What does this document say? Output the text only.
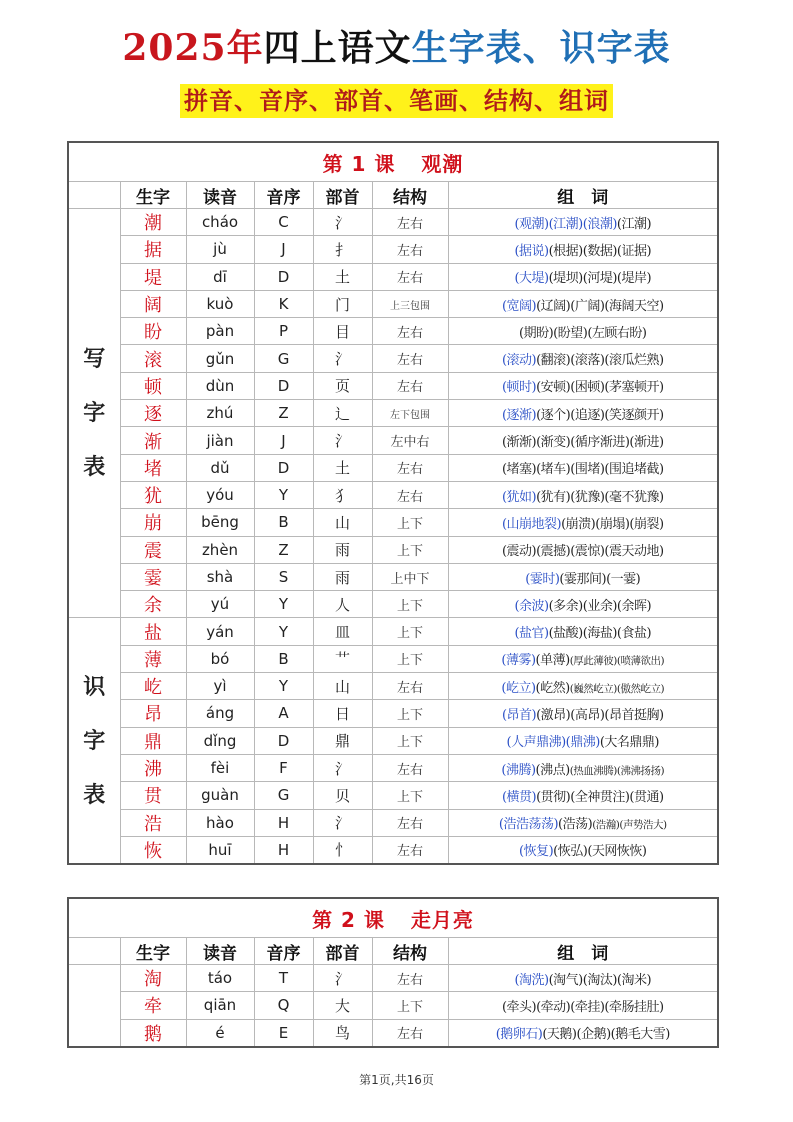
2025年四上语文生字表、识字表
拼音、音序、部首、笔画、结构、组词
第 1 课 观潮						
	生字	读音	音序	部首	结构	组　词
写字表	潮	cháo	C	氵	左右	(观潮)(江潮)(浪潮)(江潮)
	据	jù	J	扌	左右	(据说)(根据)(数据)(证据)
	堤	dī	D	土	左右	(大堤)(堤坝)(河堤)(堤岸)
	阔	kuò	K	门	上三包围	(宽阔)(辽阔)(广阔)(海阔天空)
	盼	pàn	P	目	左右	(期盼)(盼望)(左顾右盼)
	滚	gǔn	G	氵	左右	(滚动)(翻滚)(滚落)(滚瓜烂熟)
	顿	dùn	D	页	左右	(顿时)(安顿)(困顿)(茅塞顿开)
	逐	zhú	Z	辶	左下包围	(逐渐)(逐个)(追逐)(笑逐颜开)
	渐	jiàn	J	氵	左中右	(渐渐)(渐变)(循序渐进)(渐进)
	堵	dǔ	D	土	左右	(堵塞)(堵车)(围堵)(围追堵截)
	犹	yóu	Y	犭	左右	(犹如)(犹有)(犹豫)(毫不犹豫)
	崩	bēng	B	山	上下	(山崩地裂)(崩溃)(崩塌)(崩裂)
	震	zhèn	Z	雨	上下	(震动)(震撼)(震惊)(震天动地)
	霎	shà	S	雨	上中下	(霎时)(霎那间)(一霎)
	余	yú	Y	人	上下	(余波)(多余)(业余)(余晖)
识字表	盐	yán	Y	皿	上下	(盐官)(盐酸)(海盐)(食盐)
	薄	bó	B	艹	上下	(薄雾)(单薄)(厚此薄彼)(喷薄欲出)
	屹	yì	Y	山	左右	(屹立)(屹然)(巍然屹立)(傲然屹立)
	昂	áng	A	日	上下	(昂首)(激昂)(高昂)(昂首挺胸)
	鼎	dǐng	D	鼎	上下	(人声鼎沸)(鼎沸)(大名鼎鼎)
	沸	fèi	F	氵	左右	(沸腾)(沸点)(热血沸腾)(沸沸扬扬)
	贯	guàn	G	贝	上下	(横贯)(贯彻)(全神贯注)(贯通)
	浩	hào	H	氵	左右	(浩浩荡荡)(浩荡)(浩瀚)(声势浩大)
	恢	huī	H	忄	左右	(恢复)(恢弘)(天网恢恢)
第 2 课 走月亮						
	生字	读音	音序	部首	结构	组　词
	淘	táo	T	氵	左右	(淘洗)(淘气)(淘汰)(淘米)
	牵	qiān	Q	大	上下	(牵头)(牵动)(牵挂)(牵肠挂肚)
	鹅	é	E	鸟	左右	(鹅卵石)(天鹅)(企鹅)(鹅毛大雪)
第1页,共16页
